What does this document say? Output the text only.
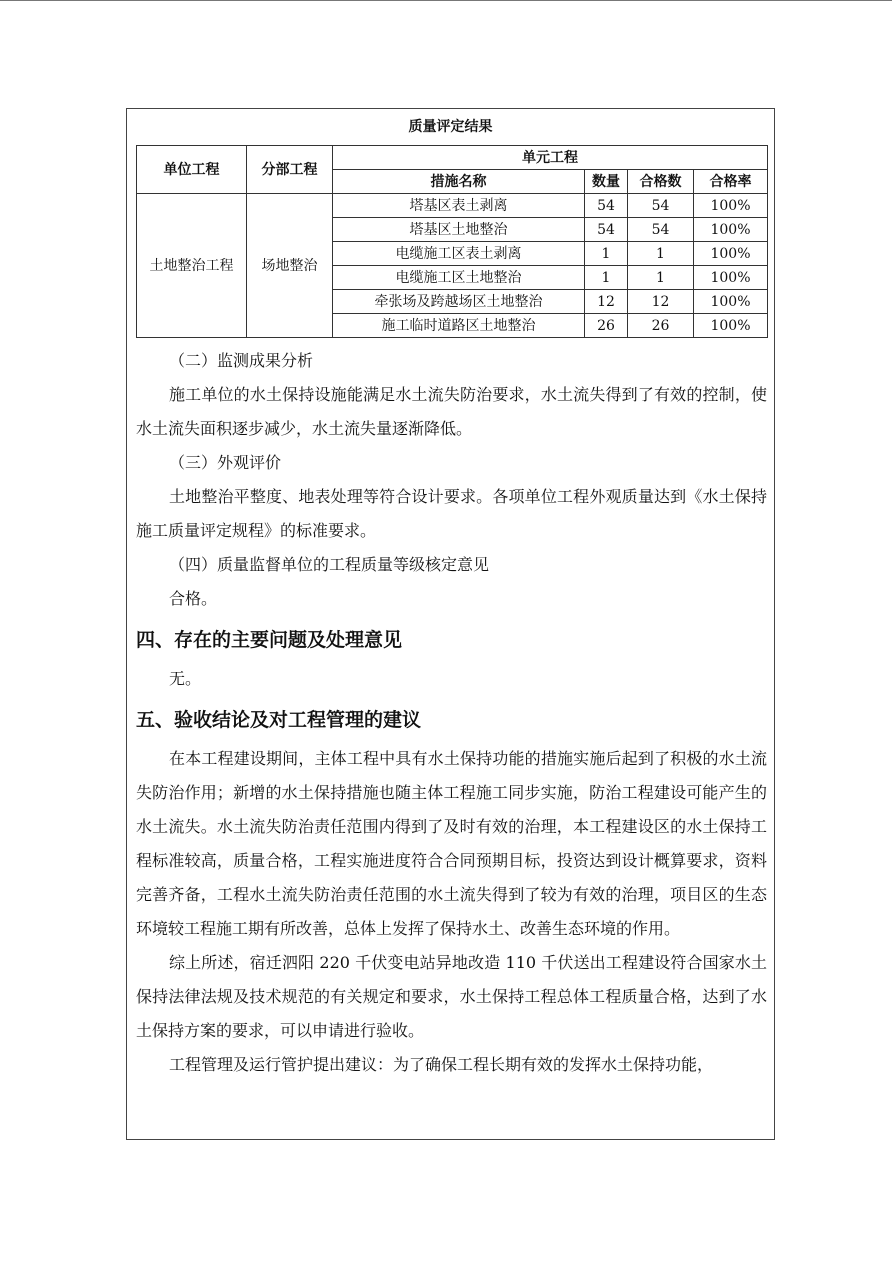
质量评定结果
单位工程	分部工程	单元工程			
		措施名称	数量	合格数	合格率
土地整治工程	场地整治	塔基区表土剥离	54	54	100%
		塔基区土地整治	54	54	100%
		电缆施工区表土剥离	1	1	100%
		电缆施工区土地整治	1	1	100%
		牵张场及跨越场区土地整治	12	12	100%
		施工临时道路区土地整治	26	26	100%

（二）监测成果分析

施工单位的水土保持设施能满足水土流失防治要求，水土流失得到了有效的控制，使水土流失面积逐步减少，水土流失量逐渐降低。

（三）外观评价

土地整治平整度、地表处理等符合设计要求。各项单位工程外观质量达到《水土保持施工质量评定规程》的标准要求。

（四）质量监督单位的工程质量等级核定意见

合格。

四、存在的主要问题及处理意见

无。

五、验收结论及对工程管理的建议

在本工程建设期间，主体工程中具有水土保持功能的措施实施后起到了积极的水土流失防治作用；新增的水土保持措施也随主体工程施工同步实施，防治工程建设可能产生的水土流失。水土流失防治责任范围内得到了及时有效的治理，本工程建设区的水土保持工程标准较高，质量合格，工程实施进度符合合同预期目标，投资达到设计概算要求，资料完善齐备，工程水土流失防治责任范围的水土流失得到了较为有效的治理，项目区的生态环境较工程施工期有所改善，总体上发挥了保持水土、改善生态环境的作用。

综上所述，宿迁泗阳 220 千伏变电站异地改造 110 千伏送出工程建设符合国家水土保持法律法规及技术规范的有关规定和要求，水土保持工程总体工程质量合格，达到了水土保持方案的要求，可以申请进行验收。

工程管理及运行管护提出建议：为了确保工程长期有效的发挥水土保持功能，
